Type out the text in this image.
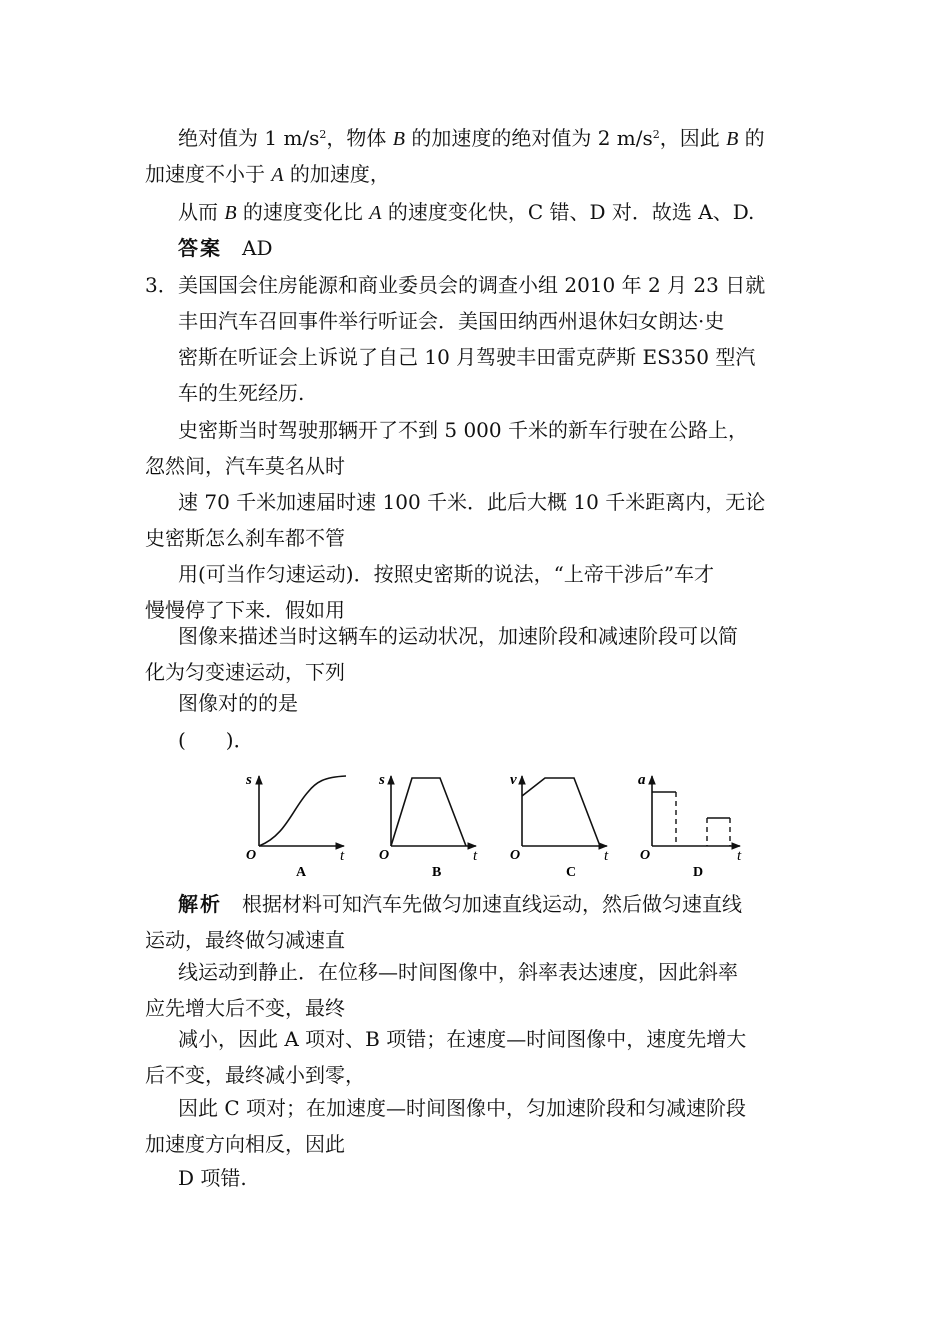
绝对值为 1 $m/s^2$，物体 B 的加速度的绝对值为 2 $m/s^2$，因此 B 的
加速度不小于 A 的加速度，
从而 B 的速度变化比 A 的速度变化快，C 错、D 对．故选 A、D.
答案 AD
3． 美国国会住房能源和商业委员会的调查小组 2010 年 2 月 23 日就
丰田汽车召回事件举行听证会．美国田纳西州退休妇女朗达·史
密斯在听证会上诉说了自己 10 月驾驶丰田雷克萨斯 ES350 型汽
车的生死经历.
史密斯当时驾驶那辆开了不到 5 000 千米的新车行驶在公路上，
忽然间，汽车莫名从时
速 70 千米加速届时速 100 千米．此后大概 10 千米距离内，无论
史密斯怎么刹车都不管
用(可当作匀速运动)．按照史密斯的说法，“上帝干涉后”车才
慢慢停了下来．假如用
图像来描述当时这辆车的运动状况，加速阶段和减速阶段可以简
化为匀变速运动，下列
图像对的的是
(　　)．
s
t
O
A
s
t
O
B
v
t
O
C
a
t
O
D
解析 根据材料可知汽车先做匀加速直线运动，然后做匀速直线
运动，最终做匀减速直
线运动到静止．在位移—时间图像中，斜率表达速度，因此斜率
应先增大后不变，最终
减小，因此 A 项对、B 项错；在速度—时间图像中，速度先增大
后不变，最终减小到零，
因此 C 项对；在加速度—时间图像中，匀加速阶段和匀减速阶段
加速度方向相反，因此
D 项错.
